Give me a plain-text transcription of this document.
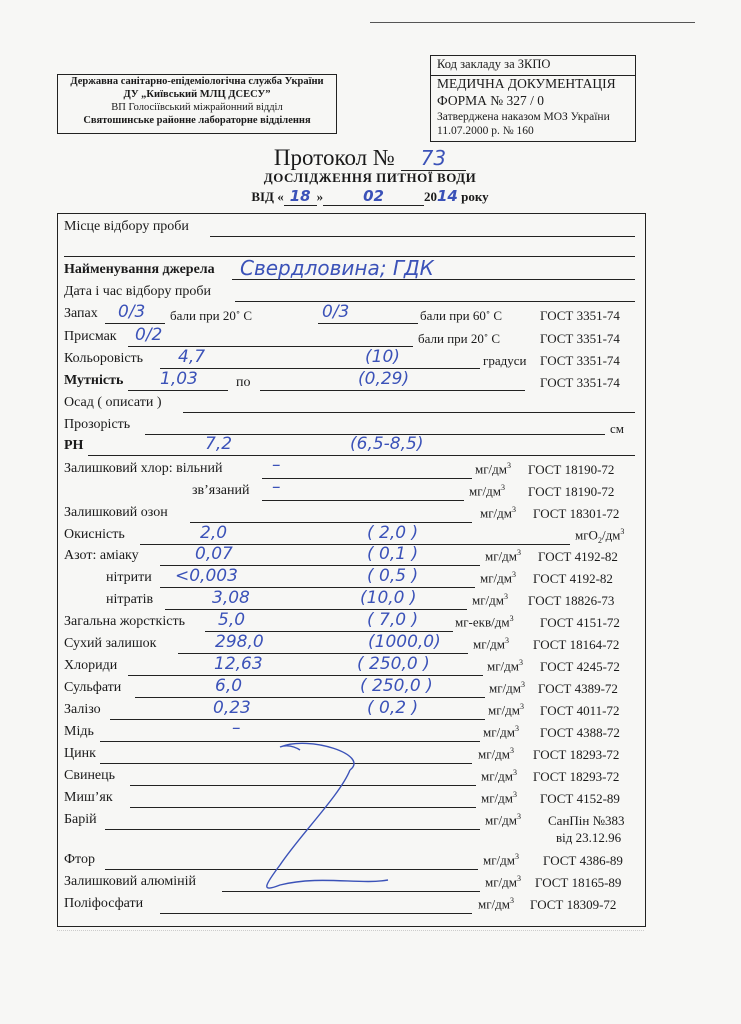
Державна санітарно-епідеміологічна служба України
ДУ „Київський МЛЦ ДСЕСУ”
ВП Голосіївський міжрайонний відділ
Святошинське районне лабораторне відділення
Код закладу за ЗКПО
МЕДИЧНА ДОКУМЕНТАЦІЯ
ФОРМА № 327 / 0
Затверджена наказом МОЗ України
11.07.2000 р. № 160
Протокол № 73
ДОСЛІДЖЕННЯ ПИТНОЇ ВОДИ
ВІД « 18 »	02	2014 року
Місце відбору проби
Найменування джерела Свердловина; ГДК
Дата і час відбору проби
Запах 0/3 бали при 20˚ С	0/3	бали при 60˚ С	ГОСТ 3351-74
Присмак 0/2	бали при 20˚ С	ГОСТ 3351-74
Кольоровість 4,7	(10)	градуси ГОСТ 3351-74
Мутність 1,03	по	(0,29)	ГОСТ 3351-74
Осад ( описати )
Прозорість	см
РН	7,2	(6,5-8,5)
Залишковий хлор: вільний	–	$мг/дм^3$ ГОСТ 18190-72
зв’язаний –	$мг/дм^3$ ГОСТ 18190-72
Залишковий озон	$мг/дм^3$ ГОСТ 18301-72
Окисність	2,0	( 2,0 )	$мгО_2/дм^3$
Азот: аміаку	0,07	( 0,1 )	$мг/дм^3$ ГОСТ 4192-82
нітрити <0,003	( 0,5 )	$мг/дм^3$ ГОСТ 4192-82
нітратів	3,08	(10,0 )	$мг/дм^3$ ГОСТ 18826-73
Загальна жорсткість 5,0	( 7,0 )	$мг-екв/дм^3$ ГОСТ 4151-72
Сухий залишок	298,0	(1000,0) $мг/дм^3$ ГОСТ 18164-72
Хлориди	12,63	( 250,0 )	$мг/дм^3$ ГОСТ 4245-72
Сульфати	6,0	( 250,0 )	$мг/дм^3$ ГОСТ 4389-72
Залізо	0,23	( 0,2 )	$мг/дм^3$ ГОСТ 4011-72
Мідь	–	$мг/дм^3$ ГОСТ 4388-72
Цинк	$мг/дм^3$ ГОСТ 18293-72
Свинець	$мг/дм^3$ ГОСТ 18293-72
Миш’як	$мг/дм^3$ ГОСТ 4152-89
Барій	$мг/дм^3$ СанПін №383
від 23.12.96
Фтор	$мг/дм^3$ ГОСТ 4386-89
Залишковий алюміній	$мг/дм^3$ ГОСТ 18165-89
Поліфосфати	$мг/дм^3$ ГОСТ 18309-72
